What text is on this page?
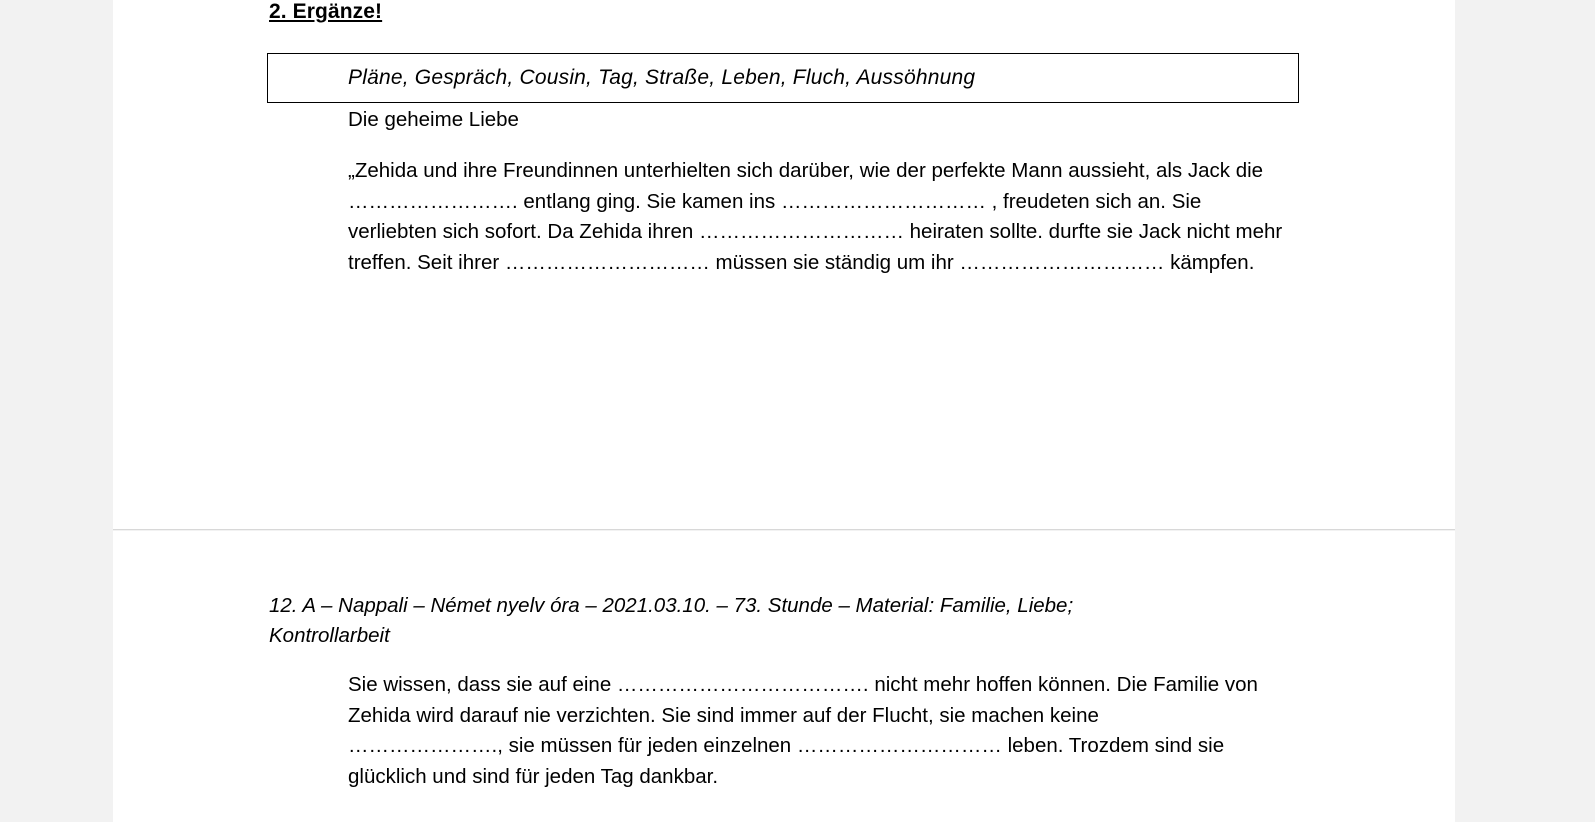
2. Ergänze!
Pläne, Gespräch, Cousin, Tag, Straße, Leben, Fluch, Aussöhnung
Die geheime Liebe
„Zehida und ihre Freundinnen unterhielten sich darüber, wie der perfekte Mann aussieht, als Jack die ……………………. entlang ging. Sie kamen ins ………………………… , freudeten sich an. Sie verliebten sich sofort. Da Zehida ihren ………………………… heiraten sollte. durfte sie Jack nicht mehr treffen. Seit ihrer ………………………… müssen sie ständig um ihr ………………………… kämpfen.
12. A – Nappali – Német nyelv óra – 2021.03.10. – 73. Stunde – Material: Familie, Liebe; Kontrollarbeit
Sie wissen, dass sie auf eine ………………………………. nicht mehr hoffen können. Die Familie von Zehida wird darauf nie verzichten. Sie sind immer auf der Flucht, sie machen keine …………………., sie müssen für jeden einzelnen ………………………… leben. Trozdem sind sie glücklich und sind für jeden Tag dankbar.
